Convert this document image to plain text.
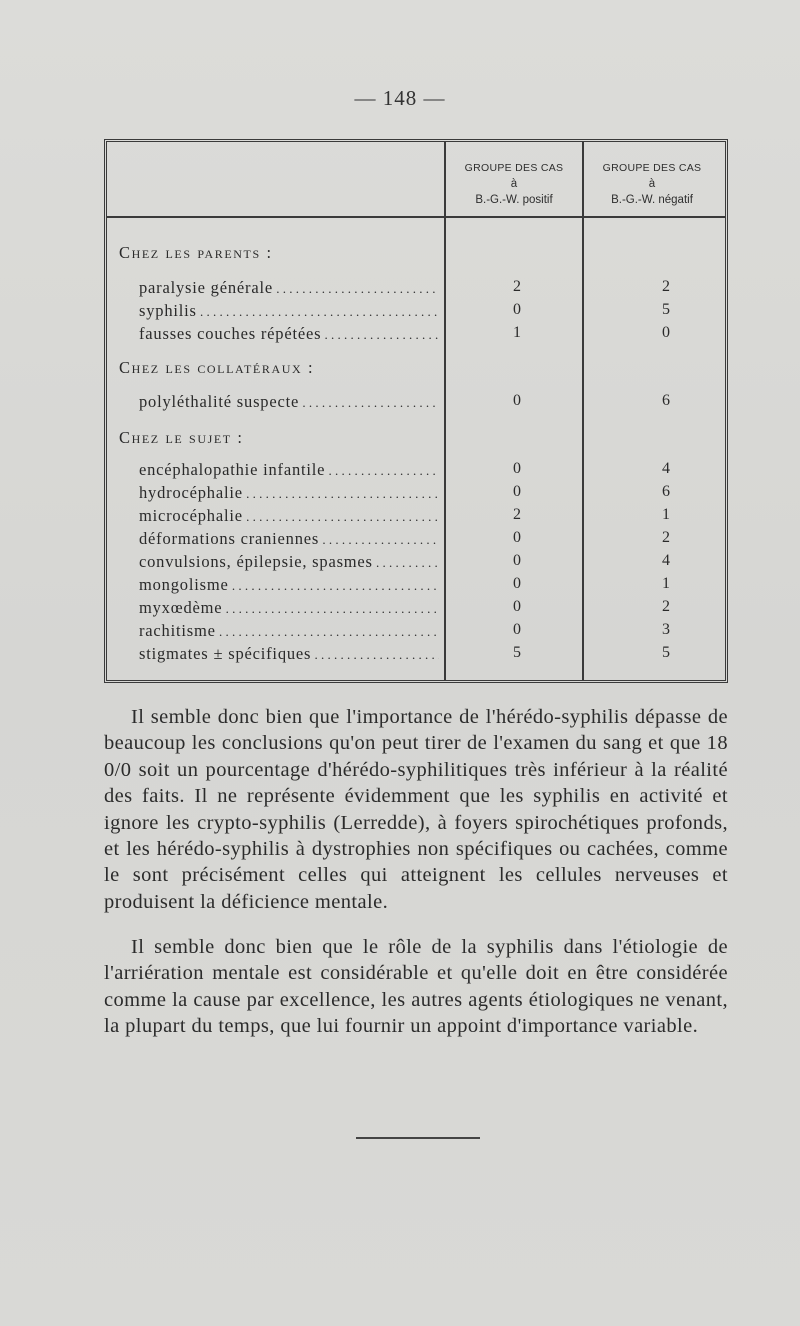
— 148 —
GROUPE DES CAS
à
B.-G.-W. positif
GROUPE DES CAS
à
B.-G.-W. négatif
Chez les parents :
paralysie générale . . .	2	2
syphilis . . .	0	5
fausses couches répétées . . .	1	0
Chez les collatéraux :
polyléthalité suspecte . . .	0	6
Chez le sujet :
encéphalopathie infantile . . .	0	4
hydrocéphalie . . .	0	6
microcéphalie . . .	2	1
déformations craniennes . . .	0	2
convulsions, épilepsie, spasmes . . .	0	4
mongolisme . . .	0	1
myxœdème . . .	0	2
rachitisme . . .	0	3
stigmates ± spécifiques . . .	5	5

Il semble donc bien que l'importance de l'hérédo-syphilis dépasse de beaucoup les conclusions qu'on peut tirer de l'examen du sang et que 18 0/0 soit un pourcentage d'hérédo-syphilitiques très inférieur à la réalité des faits. Il ne représente évidemment que les syphilis en activité et ignore les crypto-syphilis (Lerredde), à foyers spirochétiques profonds, et les hérédo-syphilis à dystrophies non spécifiques ou cachées, comme le sont précisément celles qui atteignent les cellules nerveuses et produisent la déficience mentale.

Il semble donc bien que le rôle de la syphilis dans l'étiologie de l'arriération mentale est considérable et qu'elle doit en être considérée comme la cause par excellence, les autres agents étiologiques ne venant, la plupart du temps, que lui fournir un appoint d'importance variable.
